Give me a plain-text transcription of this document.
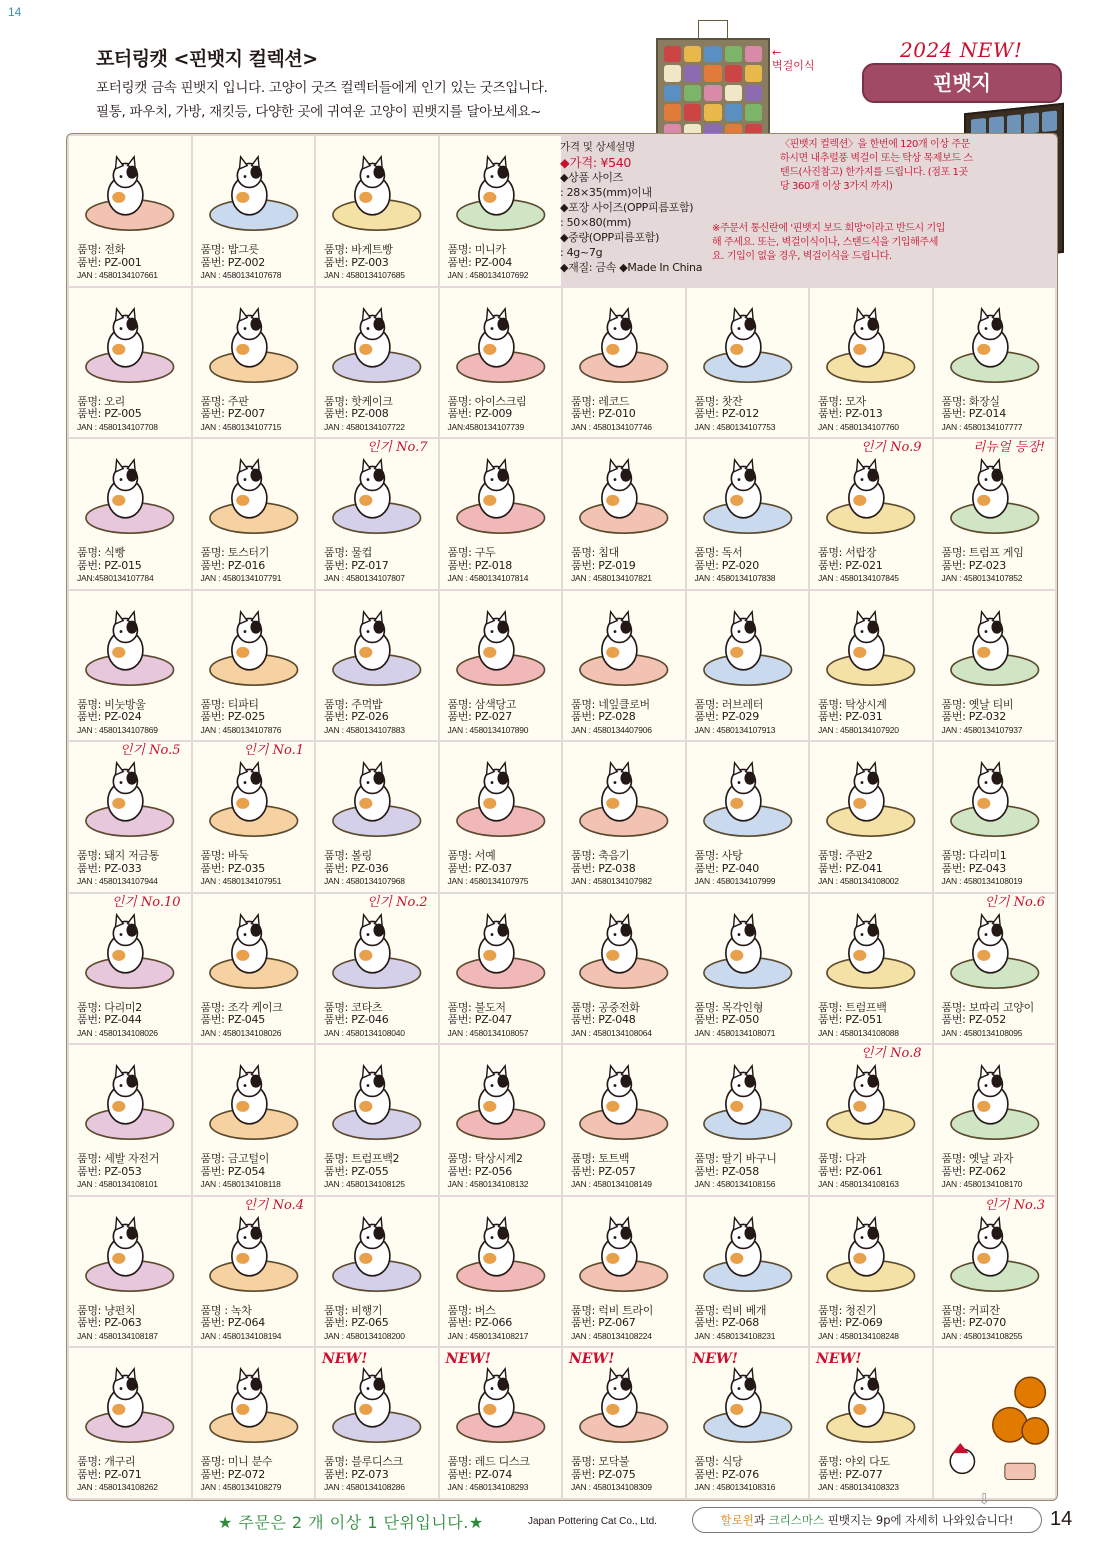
14
포터링캣 <핀뱃지 컬렉션>
포터링캣 금속 핀뱃지 입니다. 고양이 굿즈 컬렉터들에게 인기 있는 굿즈입니다.
필통, 파우치, 가방, 재킷등, 다양한 곳에 귀여운 고양이 핀뱃지를 달아보세요~
←
벽걸이식
2024 NEW!
핀뱃지
품명: 전화
품번: PZ-001
JAN : 4580134107661
품명: 밥그릇
품번: PZ-002
JAN : 4580134107678
품명: 바게트빵
품번: PZ-003
JAN : 4580134107685
품명: 미니카
품번: PZ-004
JAN : 4580134107692
품명: 오리
품번: PZ-005
JAN : 4580134107708
품명: 주판
품번: PZ-007
JAN : 4580134107715
품명: 핫케이크
품번: PZ-008
JAN : 4580134107722
품명: 아이스크림
품번: PZ-009
JAN:4580134107739
품명: 레코드
품번: PZ-010
JAN : 4580134107746
품명: 찻잔
품번: PZ-012
JAN : 4580134107753
품명: 모자
품번: PZ-013
JAN : 4580134107760
품명: 화장실
품번: PZ-014
JAN : 4580134107777
품명: 식빵
품번: PZ-015
JAN:4580134107784
품명: 토스터기
품번: PZ-016
JAN : 4580134107791
인기 No.7
품명: 물컵
품번: PZ-017
JAN : 4580134107807
품명: 구두
품번: PZ-018
JAN : 4580134107814
품명: 침대
품번: PZ-019
JAN : 4580134107821
품명: 독서
품번: PZ-020
JAN : 4580134107838
인기 No.9
품명: 서랍장
품번: PZ-021
JAN : 4580134107845
리뉴얼 등장!
품명: 트럼프 게임
품번: PZ-023
JAN : 4580134107852
품명: 비눗방울
품번: PZ-024
JAN : 4580134107869
품명: 티파티
품번: PZ-025
JAN : 4580134107876
품명: 주먹밥
품번: PZ-026
JAN : 4580134107883
품명: 삼색당고
품번: PZ-027
JAN : 4580134107890
품명: 네잎클로버
품번: PZ-028
JAN : 4580134407906
품명: 러브레터
품번: PZ-029
JAN : 4580134107913
품명: 탁상시계
품번: PZ-031
JAN : 4580134107920
품명: 옛날 티비
품번: PZ-032
JAN : 4580134107937
인기 No.5
품명: 돼지 저금통
품번: PZ-033
JAN : 4580134107944
인기 No.1
품명: 바둑
품번: PZ-035
JAN : 4580134107951
품명: 볼링
품번: PZ-036
JAN : 4580134107968
품명: 서예
품번: PZ-037
JAN : 4580134107975
품명: 축음기
품번: PZ-038
JAN : 4580134107982
품명: 사탕
품번: PZ-040
JAN : 4580134107999
품명: 주판2
품번: PZ-041
JAN : 4580134108002
품명: 다리미1
품번: PZ-043
JAN : 4580134108019
인기 No.10
품명: 다리미2
품번: PZ-044
JAN : 4580134108026
품명: 조각 케이크
품번: PZ-045
JAN : 4580134108026
인기 No.2
품명: 코타츠
품번: PZ-046
JAN : 4580134108040
품명: 불도저
품번: PZ-047
JAN : 4580134108057
품명: 공중전화
품번: PZ-048
JAN : 4580134108064
품명: 목각인형
품번: PZ-050
JAN : 4580134108071
품명: 트럼프백
품번: PZ-051
JAN : 4580134108088
인기 No.6
품명: 보따리 고양이
품번: PZ-052
JAN : 4580134108095
품명: 세발 자전거
품번: PZ-053
JAN : 4580134108101
품명: 금고털이
품번: PZ-054
JAN : 4580134108118
품명: 트럼프백2
품번: PZ-055
JAN : 4580134108125
품명: 탁상시계2
품번: PZ-056
JAN : 4580134108132
품명: 토트백
품번: PZ-057
JAN : 4580134108149
품명: 딸기 바구니
품번: PZ-058
JAN : 4580134108156
인기 No.8
품명: 다과
품번: PZ-061
JAN : 4580134108163
품명: 옛날 과자
품번: PZ-062
JAN : 4580134108170
품명: 냥펀치
품번: PZ-063
JAN : 4580134108187
인기 No.4
품명 : 녹차
품번: PZ-064
JAN : 4580134108194
품명: 비행기
품번: PZ-065
JAN : 4580134108200
품명: 버스
품번: PZ-066
JAN : 4580134108217
품명: 럭비 트라이
품번: PZ-067
JAN : 4580134108224
품명: 럭비 베개
품번: PZ-068
JAN : 4580134108231
품명: 청진기
품번: PZ-069
JAN : 4580134108248
인기 No.3
품명: 커피잔
품번: PZ-070
JAN : 4580134108255
품명: 개구리
품번: PZ-071
JAN : 4580134108262
품명: 미니 분수
품번: PZ-072
JAN : 4580134108279
NEW!
품명: 블루디스크
품번: PZ-073
JAN : 4580134108286
NEW!
품명: 레드 디스크
품번: PZ-074
JAN : 4580134108293
NEW!
품명: 모닥불
품번: PZ-075
JAN : 4580134108309
NEW!
품명: 식당
품번: PZ-076
JAN : 4580134108316
NEW!
품명: 야외 다도
품번: PZ-077
JAN : 4580134108323
가격 및 상세설명
◆가격: ¥540
◆상품 사이즈
: 28×35(mm)이내
◆포장 사이즈(OPP피름포함)
: 50×80(mm)
◆중량(OPP피름포함)
: 4g~7g
◆재질: 금속 ◆Made In China
〈핀뱃지 컬렉션〉을 한번에 120개 이상 주문하시면 내추럴풍 벽걸이 또는 탁상 목제보드 스탠드(사진참고) 한가지를 드립니다. (점포 1곳당 360개 이상 3가지 까지)
※주문서 통신란에 '핀뱃지 보드 희망'이라고 반드시 기입해 주세요. 또는, 벽걸이식이나, 스탠드식을 기입해주세요. 기입이 없을 경우, 벽걸이식을 드립니다.
★ 주문은 2 개 이상 1 단위입니다.★	Japan Pottering Cat Co., Ltd.
⇩
할로윈과 크리스마스 핀뱃지는 9p에 자세히 나와있습니다!	14
